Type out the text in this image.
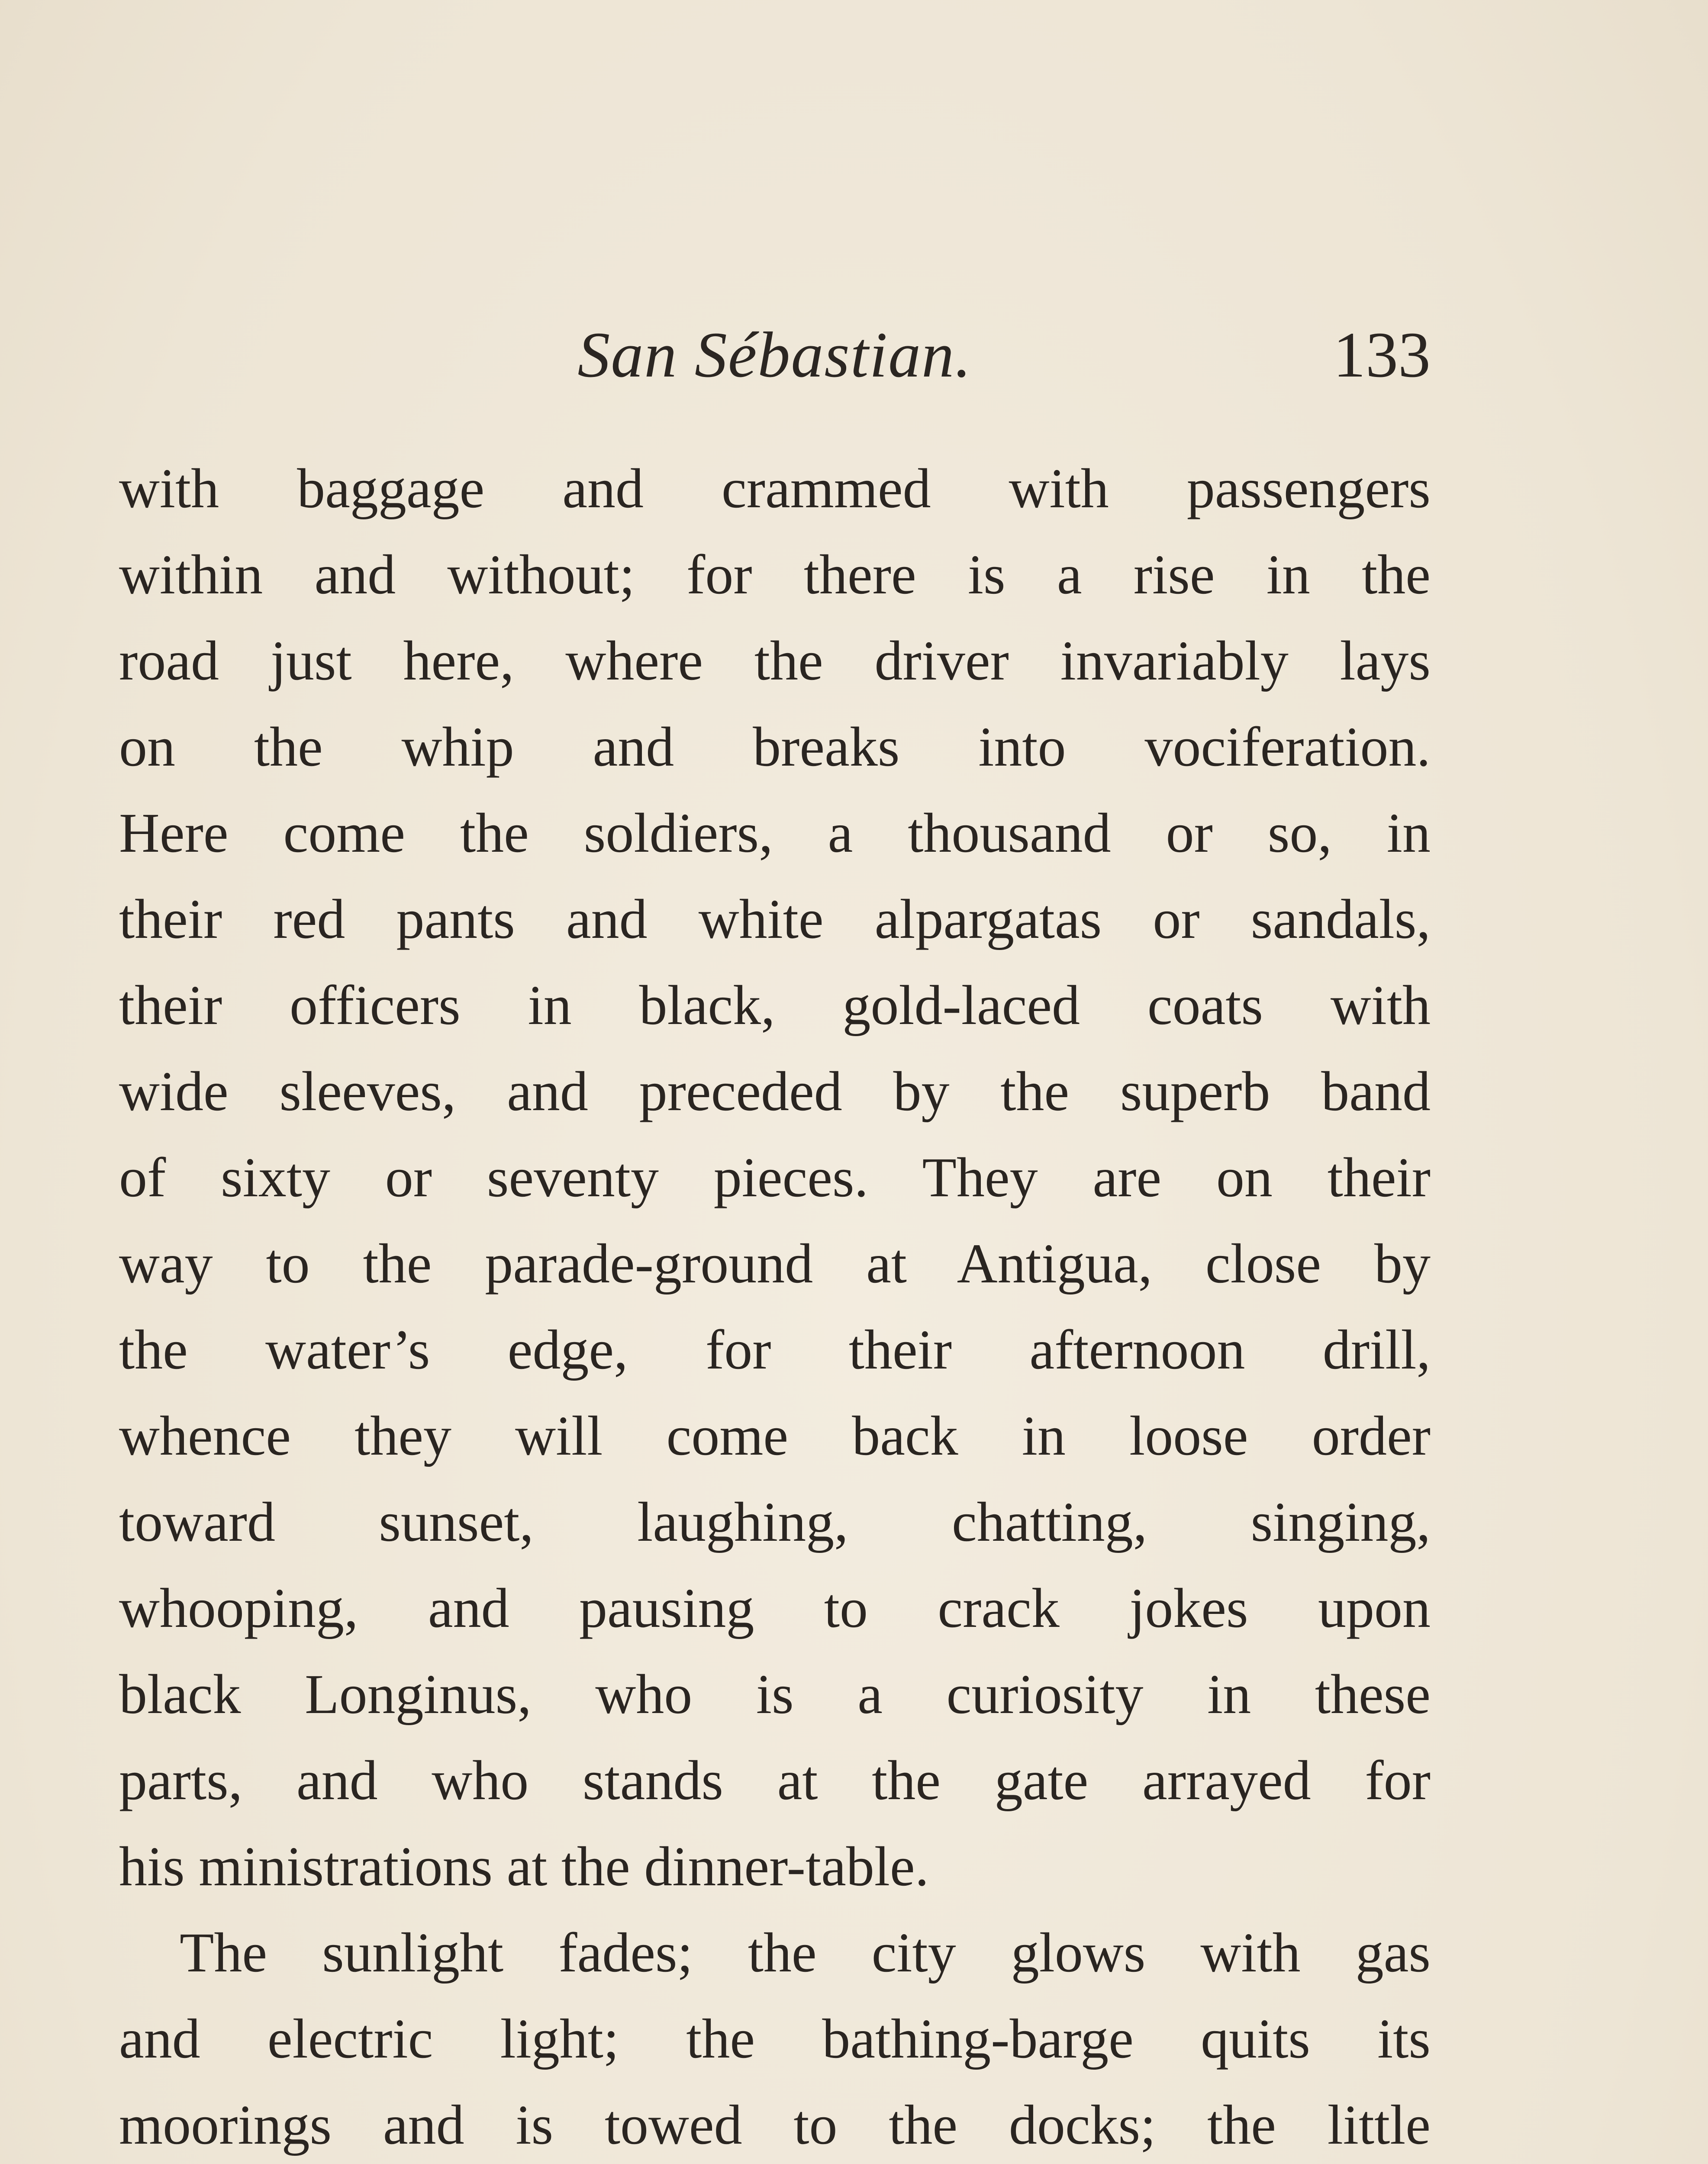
San Sébastian.	133
with baggage and crammed with passengers
within and without; for there is a rise in the
road just here, where the driver invariably lays
on the whip and breaks into vociferation.
Here come the soldiers, a thousand or so, in
their red pants and white alpargatas or sandals,
their officers in black, gold-laced coats with
wide sleeves, and preceded by the superb band
of sixty or seventy pieces. They are on their
way to the parade-ground at Antigua, close by
the water’s edge, for their afternoon drill,
whence they will come back in loose order
toward sunset, laughing, chatting, singing,
whooping, and pausing to crack jokes upon
black Longinus, who is a curiosity in these
parts, and who stands at the gate arrayed for
his ministrations at the dinner-table.
The sunlight fades; the city glows with gas
and electric light; the bathing-barge quits its
moorings and is towed to the docks; the little
